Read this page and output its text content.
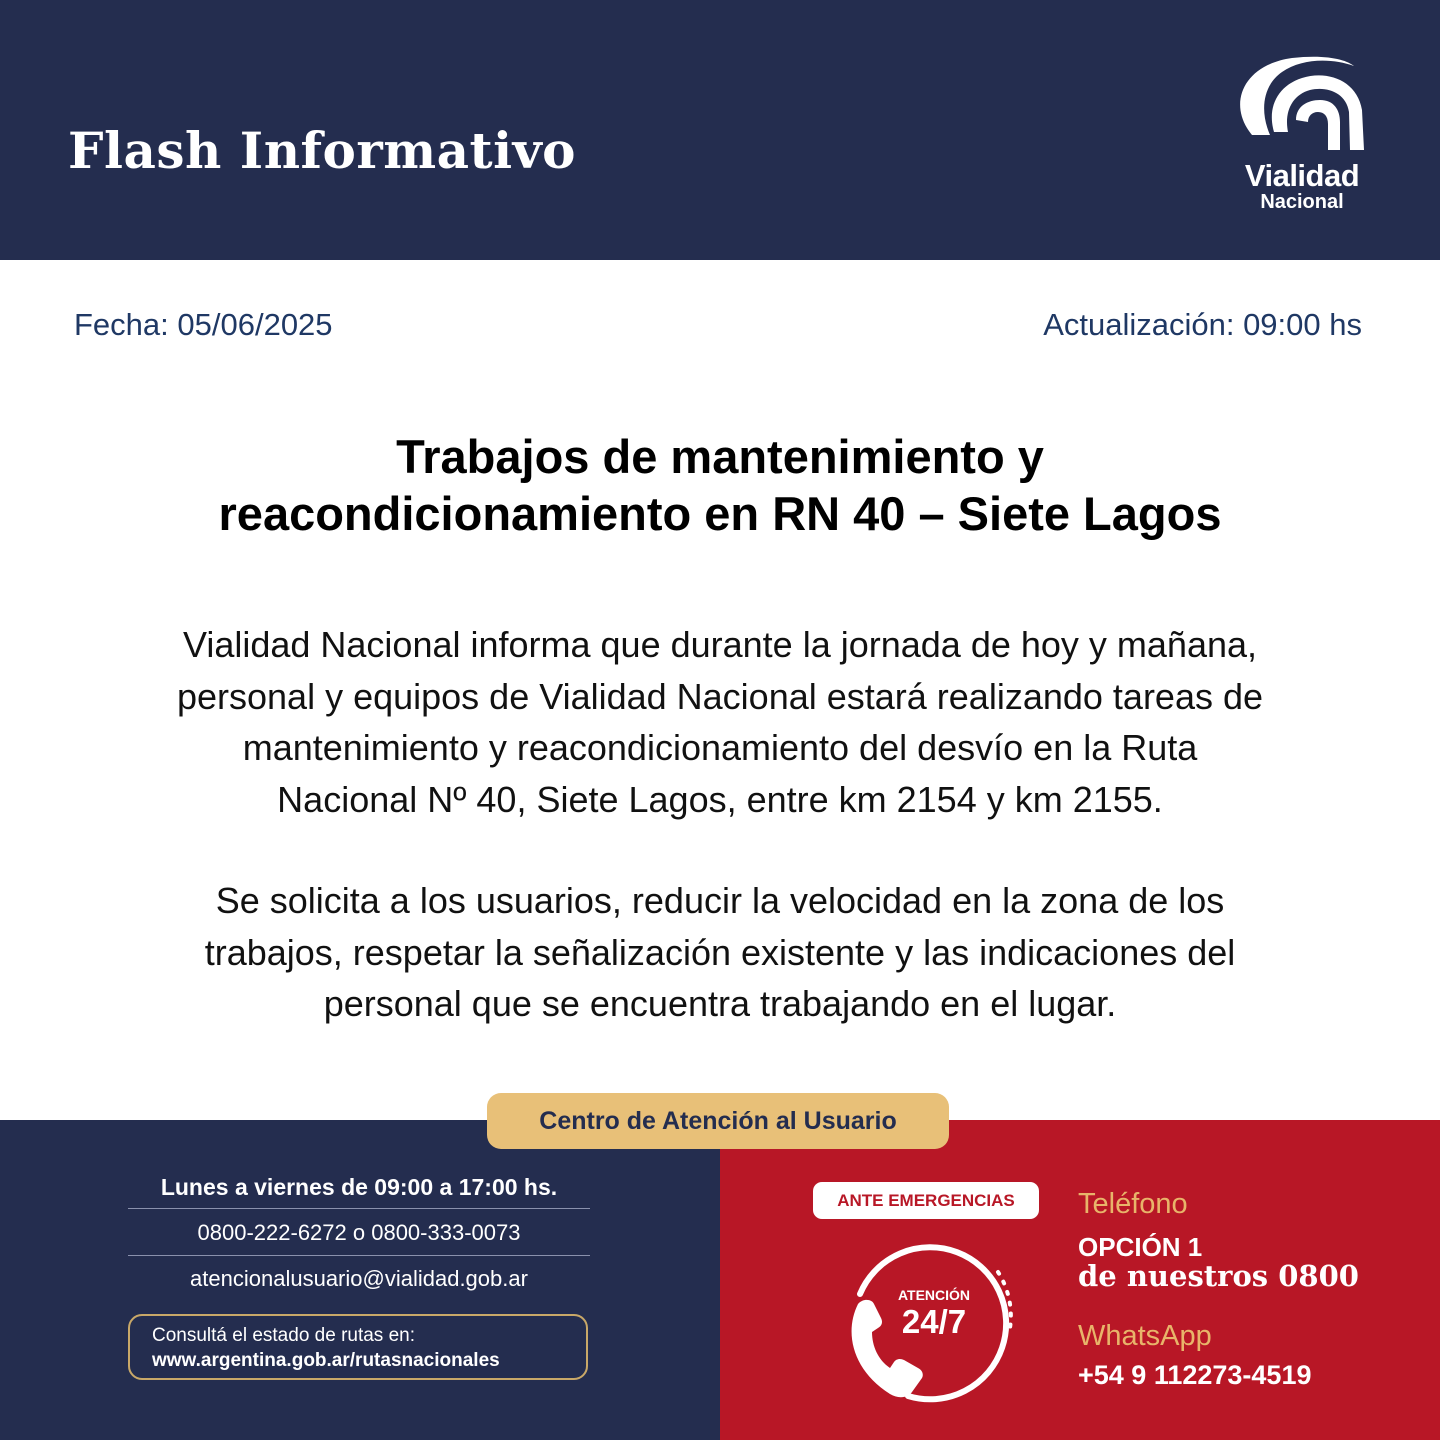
Flash Informativo	Vialidad
Nacional
Fecha: 05/06/2025	Actualización: 09:00 hs
Trabajos de mantenimiento y
reacondicionamiento en RN 40 – Siete Lagos
Vialidad Nacional informa que durante la jornada de hoy y mañana,
personal y equipos de Vialidad Nacional estará realizando tareas de
mantenimiento y reacondicionamiento del desvío en la Ruta
Nacional Nº 40, Siete Lagos, entre km 2154 y km 2155.
Se solicita a los usuarios, reducir la velocidad en la zona de los
trabajos, respetar la señalización existente y las indicaciones del
personal que se encuentra trabajando en el lugar.
Centro de Atención al Usuario
Lunes a viernes de 09:00 a 17:00 hs.
0800-222-6272 o 0800-333-0073
atencionalusuario@vialidad.gob.ar
Consultá el estado de rutas en:
www.argentina.gob.ar/rutasnacionales
ANTE EMERGENCIAS
ATENCIÓN
24/7
Teléfono
OPCIÓN 1
de nuestros 0800
WhatsApp
+54 9 112273-4519
